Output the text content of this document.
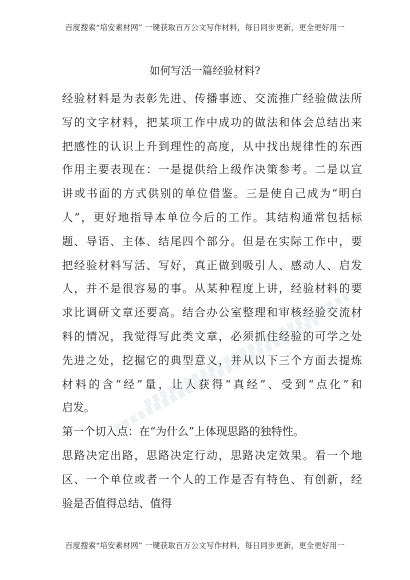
百度搜索“培安素材网” 一键获取百万公文写作材料，每日同步更新，更全更好用一
如何写活一篇经验材料?
经验材料是为表彰先进、传播事迹、交流推广经验做法所
写的文字材料，把某项工作中成功的做法和体会总结出来
把感性的认识上升到理性的高度，从中找出规律性的东西
作用主要表现在：一是提供给上级作决策参考。二是以宣
讲或书面的方式供别的单位借鉴。三是使自己成为“明白
人”，更好地指导本单位今后的工作。其结构通常包括标
题、导语、主体、结尾四个部分。但是在实际工作中，要
把经验材料写活、写好，真正做到吸引人、感动人、启发
人，并不是很容易的事。从某种程度上讲，经验材料的要
求比调研文章还要高。结合办公室整理和审核经验交流材
料的情况，我觉得写此类文章，必须抓住经验的可学之处
先进之处，挖掘它的典型意义，并从以下三个方面去提炼
材料的含“经”量，让人获得“真经”、受到“点化”和
启发。
第一个切入点：在“为什么”上体现思路的独特性。
思路决定出路，思路决定行动，思路决定效果。看一个地
区、一个单位或者一个人的工作是否有特色、有创新，经
验是否值得总结、值得
百度搜索“培安素材网” 一键获取百万公文写作材料，每日同步更新，更全更好用一
